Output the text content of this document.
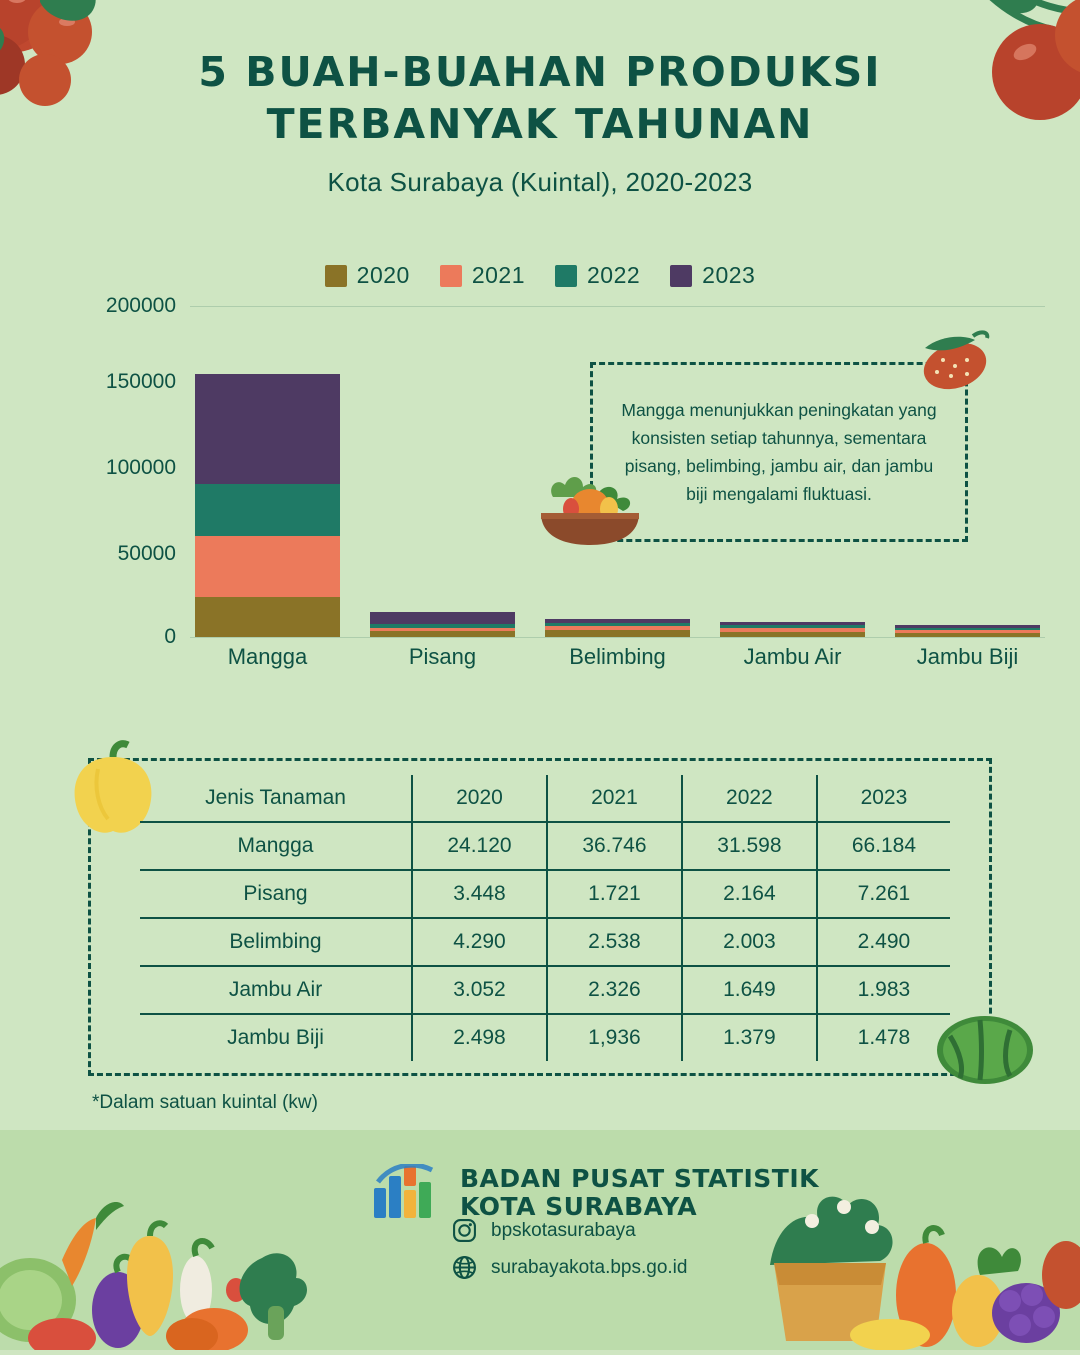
5 BUAH-BUAHAN PRODUKSI
TERBANYAK TAHUNAN
Kota Surabaya (Kuintal), 2020-2023
2020	2021	2022	2023
200000
150000
100000
50000
0
Mangga	Pisang	Belimbing	Jambu Air	Jambu Biji

Mangga menunjukkan peningkatan yang konsisten setiap tahunnya, sementara pisang, belimbing, jambu air, dan jambu biji mengalami fluktuasi.

Jenis Tanaman	2020	2021	2022	2023
Mangga	24.120	36.746	31.598	66.184
Pisang	3.448	1.721	2.164	7.261
Belimbing	4.290	2.538	2.003	2.490
Jambu Air	3.052	2.326	1.649	1.983
Jambu Biji	2.498	1,936	1.379	1.478
*Dalam satuan kuintal (kw)
BADAN PUSAT STATISTIK
KOTA SURABAYA
bpskotasurabaya
surabayakota.bps.go.id
